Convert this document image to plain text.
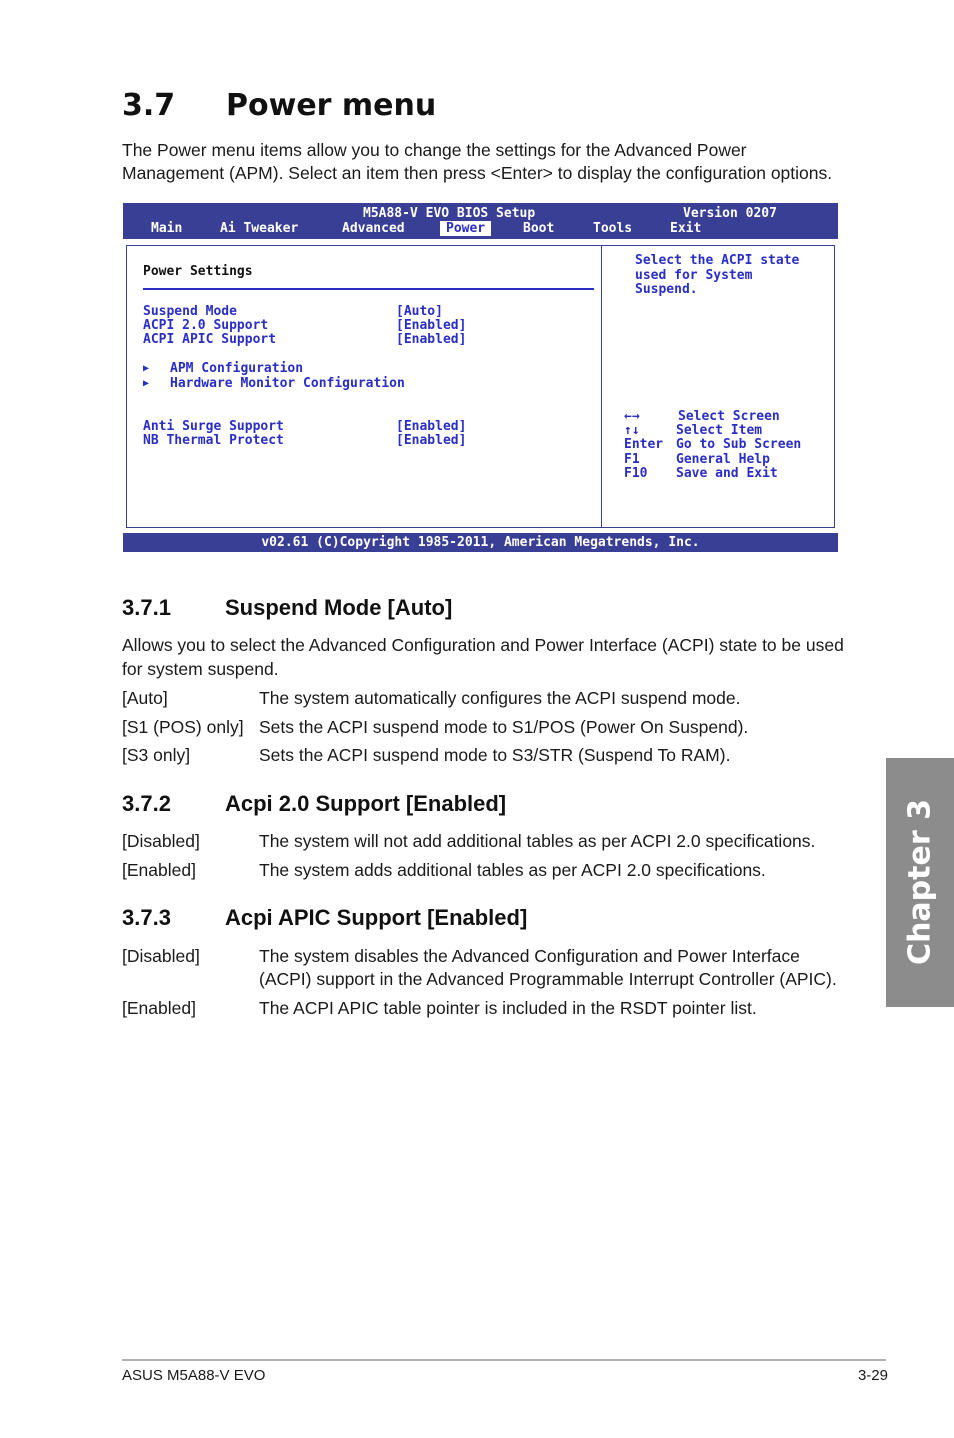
3.7 Power menu
The Power menu items allow you to change the settings for the Advanced Power Management (APM). Select an item then press <Enter> to display the configuration options.
M5A88-V EVO BIOS Setup	Version 0207
Main	Ai Tweaker	Advanced	Power	Boot	Tools	Exit
Power Settings
Suspend Mode	[Auto]
ACPI 2.0 Support	[Enabled]
ACPI APIC Support	[Enabled]
▶ APM Configuration
▶ Hardware Monitor Configuration
Anti Surge Support	[Enabled]
NB Thermal Protect	[Enabled]
Select the ACPI state
used for System
Suspend.
←→	Select Screen
↑↓	Select Item
Enter Go to Sub Screen
F1	General Help
F10 Save and Exit
v02.61 (C)Copyright 1985-2011, American Megatrends, Inc.
3.7.1 Suspend Mode [Auto]
Allows you to select the Advanced Configuration and Power Interface (ACPI) state to be used
for system suspend.
[Auto]	The system automatically configures the ACPI suspend mode.
[S1 (POS) only] Sets the ACPI suspend mode to S1/POS (Power On Suspend).
[S3 only]	Sets the ACPI suspend mode to S3/STR (Suspend To RAM).
3.7.2 Acpi 2.0 Support [Enabled]
[Disabled]	The system will not add additional tables as per ACPI 2.0 specifications.
[Enabled]	The system adds additional tables as per ACPI 2.0 specifications.
3.7.3 Acpi APIC Support [Enabled]
[Disabled]	The system disables the Advanced Configuration and Power Interface
(ACPI) support in the Advanced Programmable Interrupt Controller (APIC).
[Enabled]	The ACPI APIC table pointer is included in the RSDT pointer list.
Chapter 3
ASUS M5A88-V EVO	3-29
